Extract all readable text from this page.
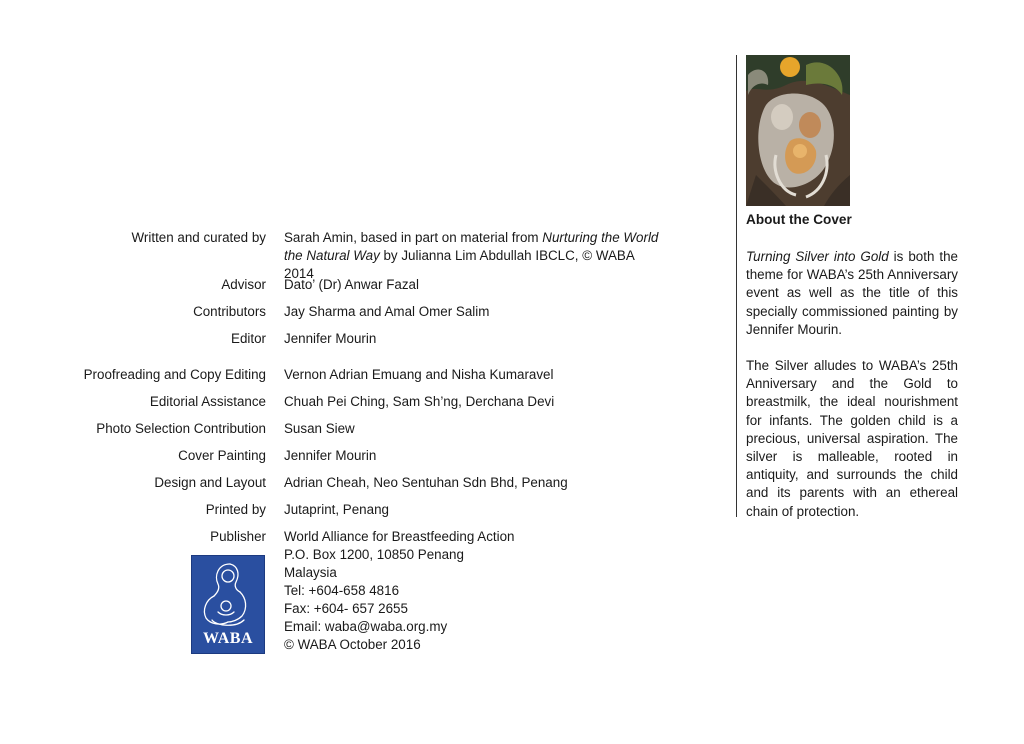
Written and curated by Sarah Amin, based in part on material from Nurturing the World the Natural Way by Julianna Lim Abdullah IBCLC, © WABA 2014
Advisor Dato’ (Dr) Anwar Fazal
Contributors Jay Sharma and Amal Omer Salim
Editor Jennifer Mourin
Proofreading and Copy Editing Vernon Adrian Emuang and Nisha Kumaravel
Editorial Assistance Chuah Pei Ching, Sam Sh’ng, Derchana Devi
Photo Selection Contribution Susan Siew
Cover Painting Jennifer Mourin
Design and Layout Adrian Cheah, Neo Sentuhan Sdn Bhd, Penang
Printed by Jutaprint, Penang
Publisher World Alliance for Breastfeeding Action
P.O. Box 1200, 10850 Penang
Malaysia
Tel: +604-658 4816
Fax: +604- 657 2655
Email: waba@waba.org.my
© WABA October 2016
WABA
About the Cover

Turning Silver into Gold is both the theme for WABA’s 25th Anniversary event as well as the title of this specially commissioned painting by Jennifer Mourin.

The Silver alludes to WABA’s 25th Anniversary and the Gold to breastmilk, the ideal nourishment for infants. The golden child is a precious, universal aspiration. The silver is malleable, rooted in antiquity, and surrounds the child and its parents with an ethereal chain of protection.
